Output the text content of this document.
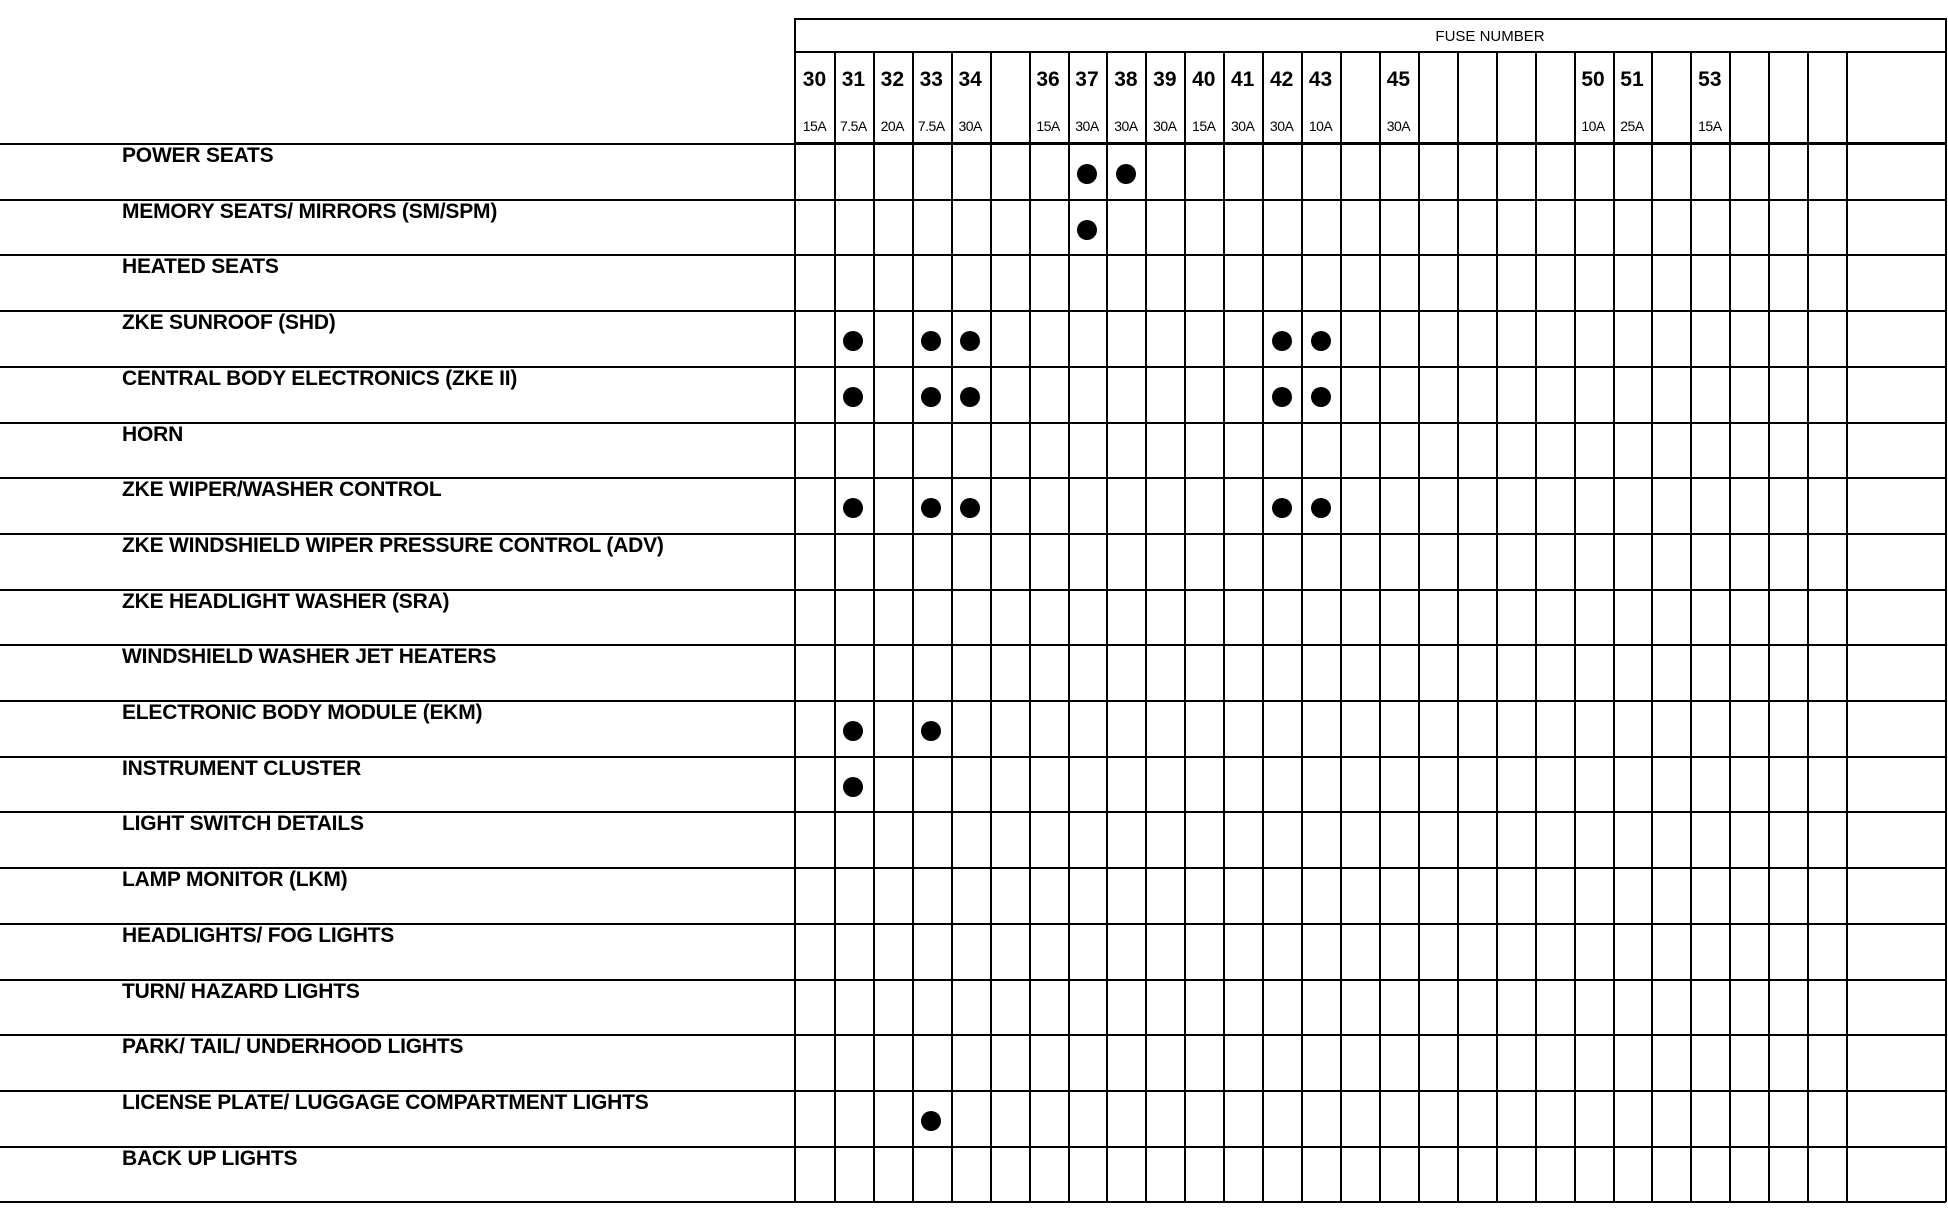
FUSE NUMBER
30
15A
31
7.5A
32
20A
33
7.5A
34
30A
36
15A
37
30A
38
30A
39
30A
40
15A
41
30A
42
30A
43
10A
45
30A
50
10A
51
25A
53
15A
POWER SEATS
MEMORY SEATS/ MIRRORS (SM/SPM)
HEATED SEATS
ZKE SUNROOF (SHD)
CENTRAL BODY ELECTRONICS (ZKE II)
HORN
ZKE WIPER/WASHER CONTROL
ZKE WINDSHIELD WIPER PRESSURE CONTROL (ADV)
ZKE HEADLIGHT WASHER (SRA)
WINDSHIELD WASHER JET HEATERS
ELECTRONIC BODY MODULE (EKM)
INSTRUMENT CLUSTER
LIGHT SWITCH DETAILS
LAMP MONITOR (LKM)
HEADLIGHTS/ FOG LIGHTS
TURN/ HAZARD LIGHTS
PARK/ TAIL/ UNDERHOOD LIGHTS
LICENSE PLATE/ LUGGAGE COMPARTMENT LIGHTS
BACK UP LIGHTS
